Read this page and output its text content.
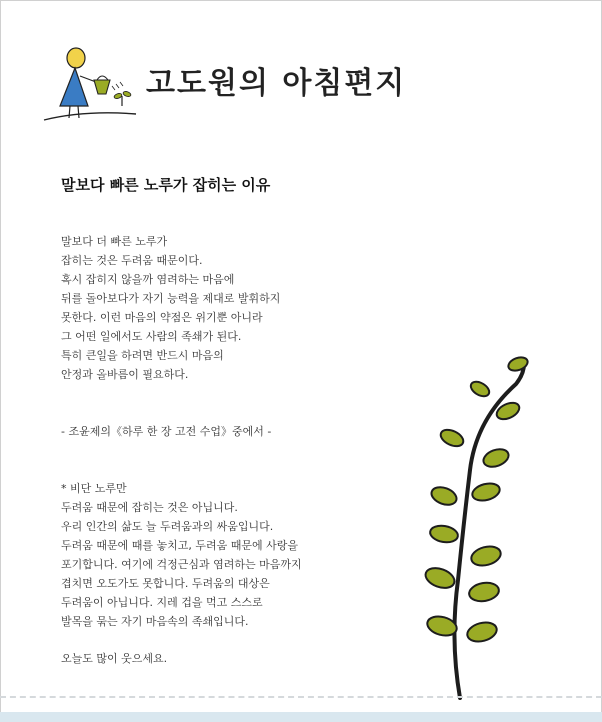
고도원의 아침편지
말보다 빠른 노루가 잡히는 이유
말보다 더 빠른 노루가
잡히는 것은 두려움 때문이다.
혹시 잡히지 않을까 염려하는 마음에
뒤를 돌아보다가 자기 능력을 제대로 발휘하지
못한다. 이런 마음의 약점은 위기뿐 아니라
그 어떤 일에서도 사람의 족쇄가 된다.
특히 큰일을 하려면 반드시 마음의
안정과 올바름이 필요하다.
- 조윤제의《하루 한 장 고전 수업》중에서 -
* 비단 노루만
두려움 때문에 잡히는 것은 아닙니다.
우리 인간의 삶도 늘 두려움과의 싸움입니다.
두려움 때문에 때를 놓치고, 두려움 때문에 사랑을
포기합니다. 여기에 걱정근심과 염려하는 마음까지
겹치면 오도가도 못합니다. 두려움의 대상은
두려움이 아닙니다. 지레 겁을 먹고 스스로
발목을 묶는 자기 마음속의 족쇄입니다.
오늘도 많이 웃으세요.
